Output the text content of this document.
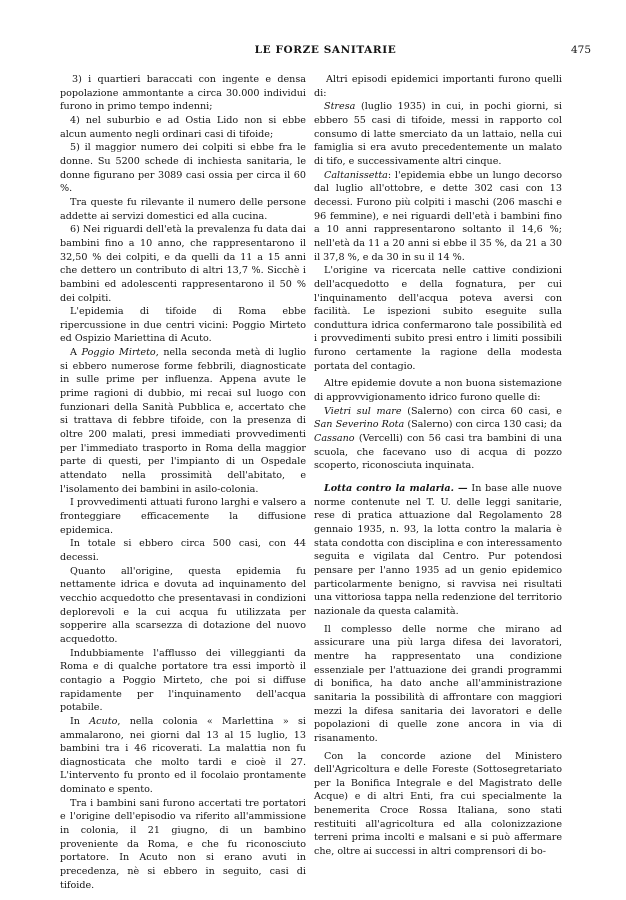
LE FORZE SANITARIE	475

3) i quartieri baraccati con ingente e densa popolazione ammontante a circa 30.000 individui furono in primo tempo indenni;

4) nel suburbio e ad Ostia Lido non si ebbe alcun aumento negli ordinari casi di tifoide;

5) il maggior numero dei colpiti si ebbe fra le donne. Su 5200 schede di inchiesta sanitaria, le donne figurano per 3089 casi ossia per circa il 60 %.

Tra queste fu rilevante il numero delle persone addette ai servizi domestici ed alla cucina.

6) Nei riguardi dell'età la prevalenza fu data dai bambini fino a 10 anno, che rappresentarono il 32,50 % dei colpiti, e da quelli da 11 a 15 anni che dettero un contributo di altri 13,7 %. Sicchè i bambini ed adolescenti rappresentarono il 50 % dei colpiti.

L'epidemia di tifoide di Roma ebbe ripercussione in due centri vicini: Poggio Mirteto ed Ospizio Mariettina di Acuto.

A Poggio Mirteto, nella seconda metà di luglio si ebbero numerose forme febbrili, diagnosticate in sulle prime per influenza. Appena avute le prime ragioni di dubbio, mi recai sul luogo con funzionari della Sanità Pubblica e, accertato che si trattava di febbre tifoide, con la presenza di oltre 200 malati, presi immediati provvedimenti per l'immediato trasporto in Roma della maggior parte di questi, per l'impianto di un Ospedale attendato nella prossimità dell'abitato, e l'isolamento dei bambini in asilo-colonia.

I provvedimenti attuati furono larghi e valsero a fronteggiare efficacemente la diffusione epidemica.

In totale si ebbero circa 500 casi, con 44 decessi.

Quanto all'origine, questa epidemia fu nettamente idrica e dovuta ad inquinamento del vecchio acquedotto che presentavasi in condizioni deplorevoli e la cui acqua fu utilizzata per sopperire alla scarsezza di dotazione del nuovo acquedotto.

Indubbiamente l'afflusso dei villeggianti da Roma e di qualche portatore tra essi importò il contagio a Poggio Mirteto, che poi si diffuse rapidamente per l'inquinamento dell'acqua potabile.

In Acuto, nella colonia « Marlettina » si ammalarono, nei giorni dal 13 al 15 luglio, 13 bambini tra i 46 ricoverati. La malattia non fu diagnosticata che molto tardi e cioè il 27. L'intervento fu pronto ed il focolaio prontamente dominato e spento.

Tra i bambini sani furono accertati tre portatori e l'origine dell'episodio va riferito all'ammissione in colonia, il 21 giugno, di un bambino proveniente da Roma, e che fu riconosciuto portatore. In Acuto non si erano avuti in precedenza, nè si ebbero in seguito, casi di tifoide.

Altri episodi epidemici importanti furono quelli di:

Stresa (luglio 1935) in cui, in pochi giorni, si ebbero 55 casi di tifoide, messi in rapporto col consumo di latte smerciato da un lattaio, nella cui famiglia si era avuto precedentemente un malato di tifo, e successivamente altri cinque.

Caltanissetta: l'epidemia ebbe un lungo decorso dal luglio all'ottobre, e dette 302 casi con 13 decessi. Furono più colpiti i maschi (206 maschi e 96 femmine), e nei riguardi dell'età i bambini fino a 10 anni rappresentarono soltanto il 14,6 %; nell'età da 11 a 20 anni si ebbe il 35 %, da 21 a 30 il 37,8 %, e da 30 in su il 14 %.

L'origine va ricercata nelle cattive condizioni dell'acquedotto e della fognatura, per cui l'inquinamento dell'acqua poteva aversi con facilità. Le ispezioni subito eseguite sulla conduttura idrica confermarono tale possibilità ed i provvedimenti subito presi entro i limiti possibili furono certamente la ragione della modesta portata del contagio.

Altre epidemie dovute a non buona sistemazione di approvvigionamento idrico furono quelle di:

Vietri sul mare (Salerno) con circa 60 casi, e San Severino Rota (Salerno) con circa 130 casi; da Cassano (Vercelli) con 56 casi tra bambini di una scuola, che facevano uso di acqua di pozzo scoperto, riconosciuta inquinata.

Lotta contro la malaria. — In base alle nuove norme contenute nel T. U. delle leggi sanitarie, rese di pratica attuazione dal Regolamento 28 gennaio 1935, n. 93, la lotta contro la malaria è stata condotta con disciplina e con interessamento seguita e vigilata dal Centro. Pur potendosi pensare per l'anno 1935 ad un genio epidemico particolarmente benigno, si ravvisa nei risultati una vittoriosa tappa nella redenzione del territorio nazionale da questa calamità.

Il complesso delle norme che mirano ad assicurare una più larga difesa dei lavoratori, mentre ha rappresentato una condizione essenziale per l'attuazione dei grandi programmi di bonifica, ha dato anche all'amministrazione sanitaria la possibilità di affrontare con maggiori mezzi la difesa sanitaria dei lavoratori e delle popolazioni di quelle zone ancora in via di risanamento.

Con la concorde azione del Ministero dell'Agricoltura e delle Foreste (Sottosegretariato per la Bonifica Integrale e del Magistrato delle Acque) e di altri Enti, fra cui specialmente la benemerita Croce Rossa Italiana, sono stati restituiti all'agricoltura ed alla colonizzazione terreni prima incolti e malsani e si può affermare che, oltre ai successi in altri comprensori di bo-
